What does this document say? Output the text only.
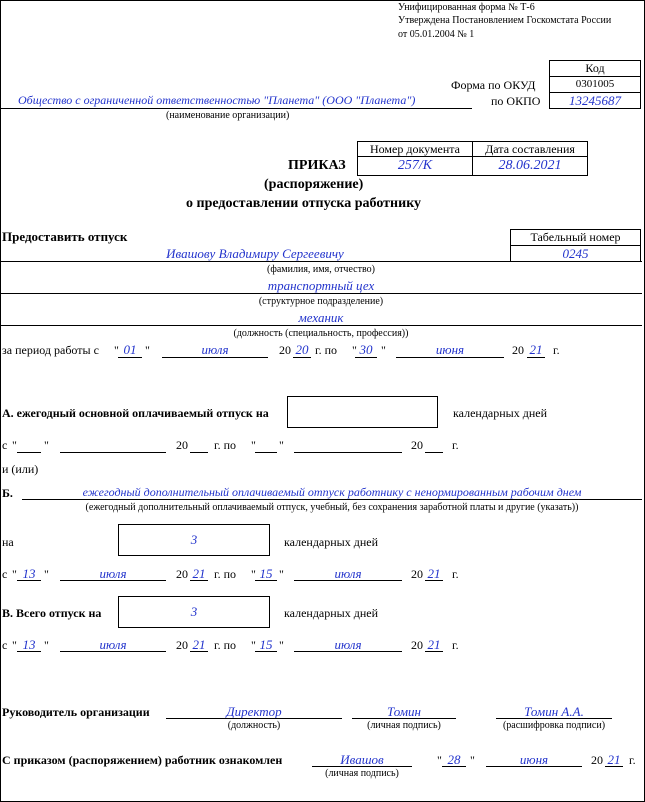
Унифицированная форма № Т-6
Утверждена Постановлением Госкомстата России
от 05.01.2004 № 1
Код
0301005
13245687
Форма по ОКУД
по ОКПО
Общество с ограниченной ответственностью "Планета" (ООО "Планета")
(наименование организации)
Номер документа	Дата составления
257/К	28.06.2021
ПРИКАЗ
(распоряжение)
о предоставлении отпуска работнику
Предоставить отпуск	Табельный номер
0245
Ивашову Владимиру Сергеевичу
(фамилия, имя, отчество)
транспортный цех
(структурное подразделение)
механик
(должность (специальность, профессия))
за период работы с " 01 "	июля	20 20 г. по " 30 "	июня	20 21 г.
А. ежегодный основной оплачиваемый отпуск на	календарных дней
с " "	20 г. по " "	20 г.
и (или)
Б.	ежегодный дополнительный оплачиваемый отпуск работнику с ненормированным рабочим днем
(ежегодный дополнительный оплачиваемый отпуск, учебный, без сохранения заработной платы и другие (указать))
на	3	календарных дней
с " 13 "	июля	20 21 г. по " 15 "	июля	20 21 г.
В. Всего отпуск на	3	календарных дней
с " 13 "	июля	20 21 г. по " 15 "	июля	20 21 г.
Руководитель организации	Директор
(должность)
Томин
(личная подпись)
Томин А.А.
(расшифровка подписи)
С приказом (распоряжением) работник ознакомлен	Ивашов
(личная подпись)
" 28 "	июня	20 21 г.
